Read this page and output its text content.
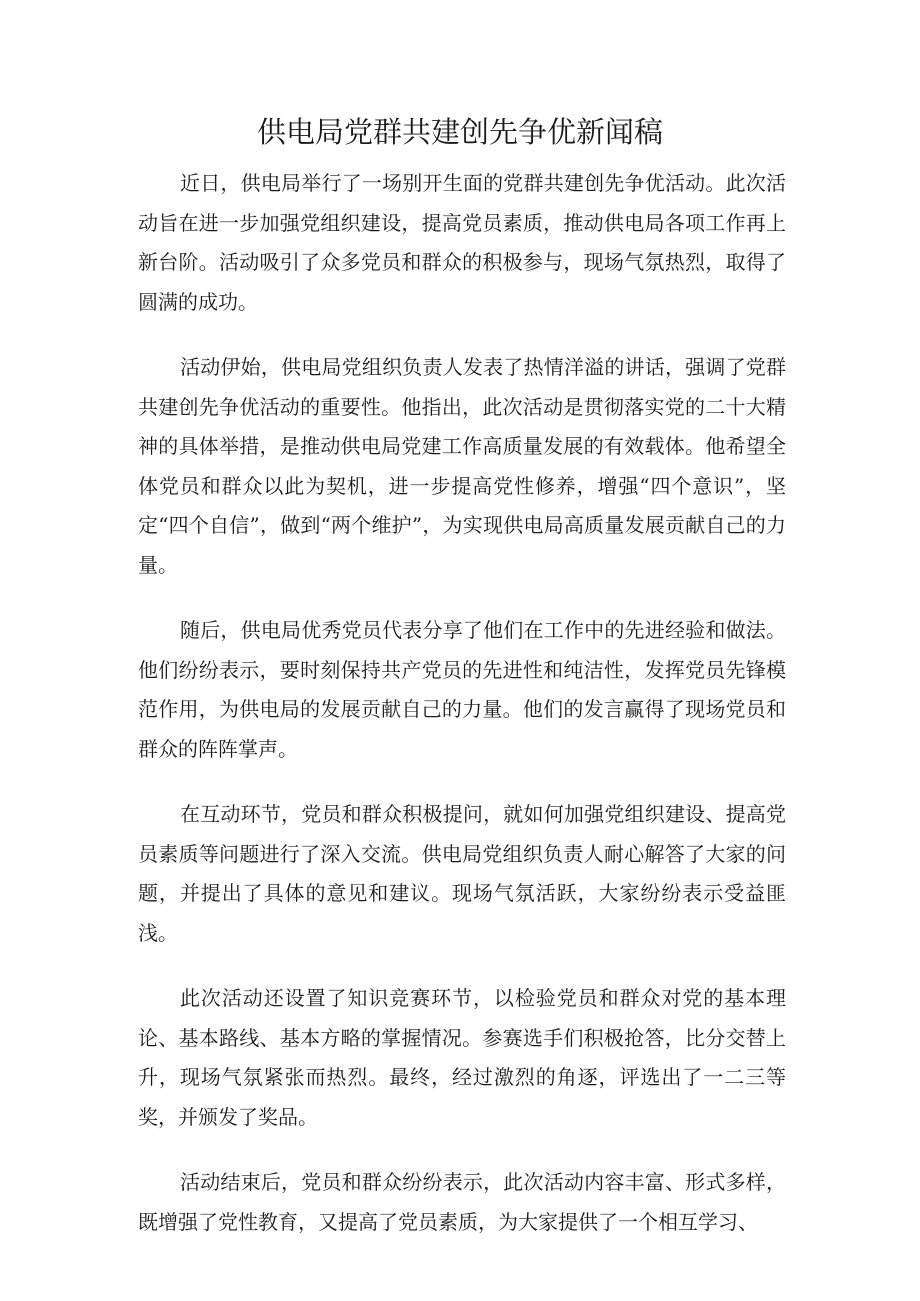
供电局党群共建创先争优新闻稿

近日，供电局举行了一场别开生面的党群共建创先争优活动。此次活动旨在进一步加强党组织建设，提高党员素质，推动供电局各项工作再上新台阶。活动吸引了众多党员和群众的积极参与，现场气氛热烈，取得了圆满的成功。

活动伊始，供电局党组织负责人发表了热情洋溢的讲话，强调了党群共建创先争优活动的重要性。他指出，此次活动是贯彻落实党的二十大精神的具体举措，是推动供电局党建工作高质量发展的有效载体。他希望全体党员和群众以此为契机，进一步提高党性修养，增强“四个意识”，坚定“四个自信”，做到“两个维护”，为实现供电局高质量发展贡献自己的力量。

随后，供电局优秀党员代表分享了他们在工作中的先进经验和做法。他们纷纷表示，要时刻保持共产党员的先进性和纯洁性，发挥党员先锋模范作用，为供电局的发展贡献自己的力量。他们的发言赢得了现场党员和群众的阵阵掌声。

在互动环节，党员和群众积极提问，就如何加强党组织建设、提高党员素质等问题进行了深入交流。供电局党组织负责人耐心解答了大家的问题，并提出了具体的意见和建议。现场气氛活跃，大家纷纷表示受益匪浅。

此次活动还设置了知识竞赛环节，以检验党员和群众对党的基本理论、基本路线、基本方略的掌握情况。参赛选手们积极抢答，比分交替上升，现场气氛紧张而热烈。最终，经过激烈的角逐，评选出了一二三等奖，并颁发了奖品。

活动结束后，党员和群众纷纷表示，此次活动内容丰富、形式多样，既增强了党性教育，又提高了党员素质，为大家提供了一个相互学习、
